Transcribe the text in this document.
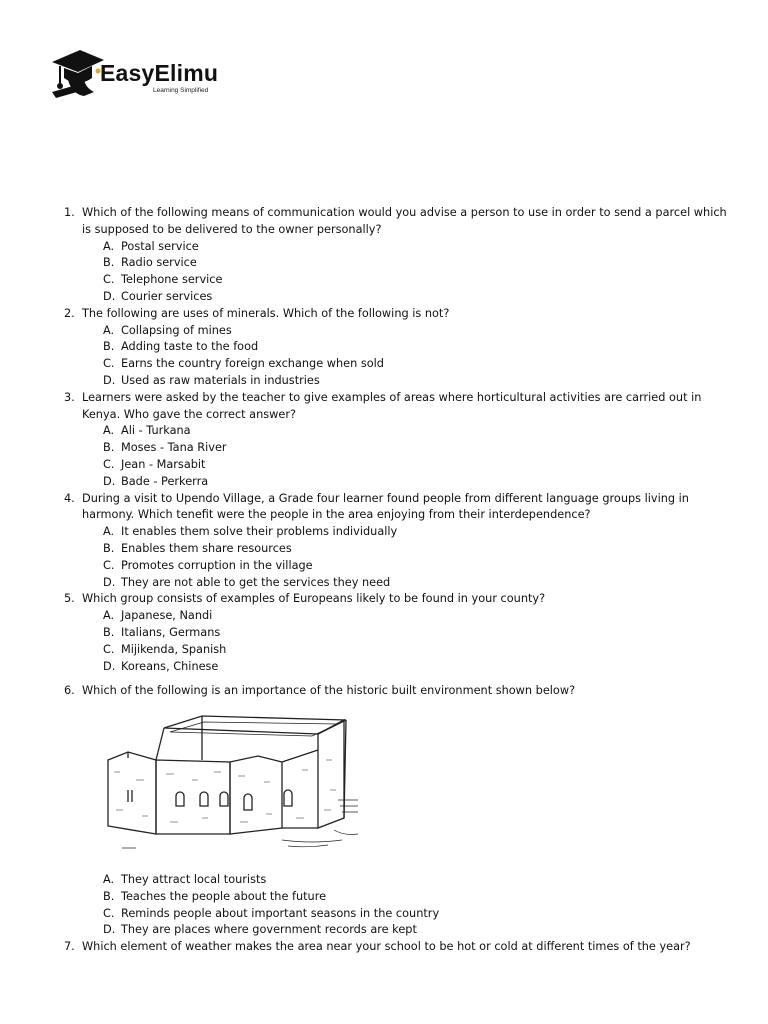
EasyElimu
Learning Simplified
1. Which of the following means of communication would you advise a person to use in order to send a parcel which is supposed to be delivered to the owner personally?
A. Postal service
B. Radio service
C. Telephone service
D. Courier services
2. The following are uses of minerals. Which of the following is not?
A. Collapsing of mines
B. Adding taste to the food
C. Earns the country foreign exchange when sold
D. Used as raw materials in industries
3. Learners were asked by the teacher to give examples of areas where horticultural activities are carried out in Kenya. Who gave the correct answer?
A. Ali - Turkana
B. Moses - Tana River
C. Jean - Marsabit
D. Bade - Perkerra
4. During a visit to Upendo Village, a Grade four learner found people from different language groups living in harmony. Which tenefit were the people in the area enjoying from their interdependence?
A. It enables them solve their problems individually
B. Enables them share resources
C. Promotes corruption in the village
D. They are not able to get the services they need
5. Which group consists of examples of Europeans likely to be found in your county?
A. Japanese, Nandi
B. Italians, Germans
C. Mijikenda, Spanish
D. Koreans, Chinese
6. Which of the following is an importance of the historic built environment shown below?
A. They attract local tourists
B. Teaches the people about the future
C. Reminds people about important seasons in the country
D. They are places where government records are kept
7. Which element of weather makes the area near your school to be hot or cold at different times of the year?
